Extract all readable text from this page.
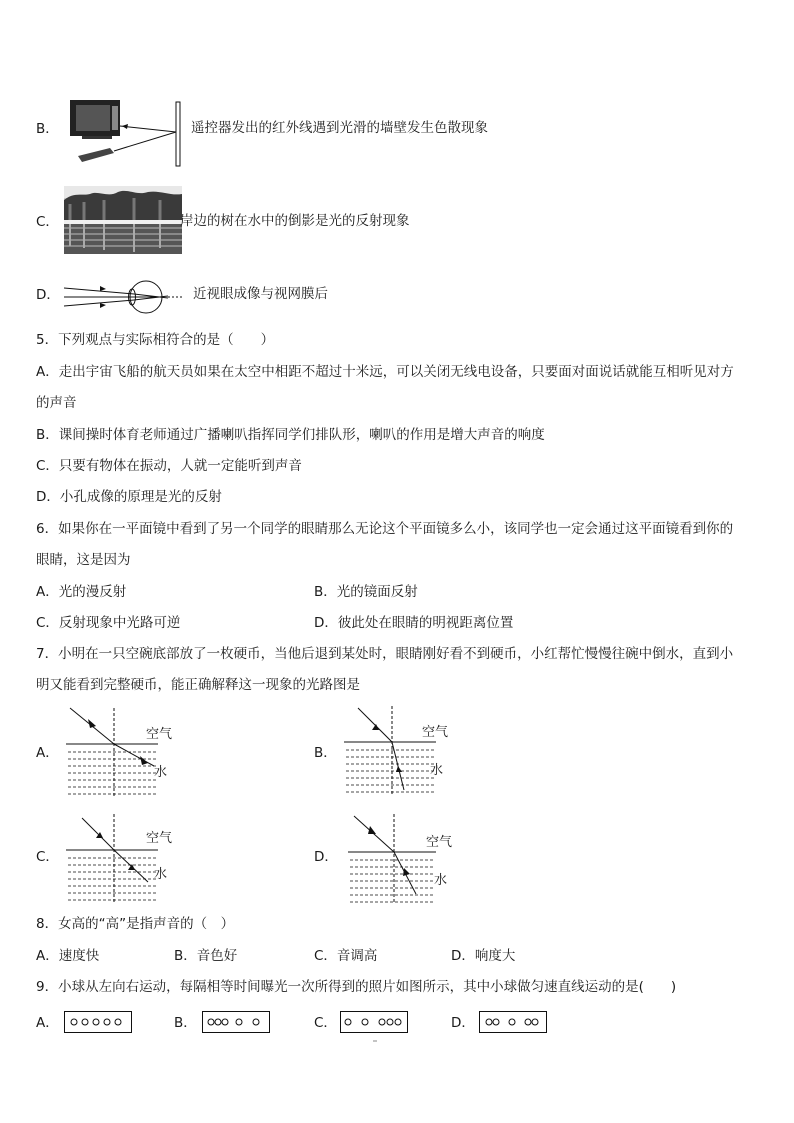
B．	遥控器发出的红外线遇到光滑的墙壁发生色散现象
C．	岸边的树在水中的倒影是光的反射现象
D．	近视眼成像与视网膜后
5．下列观点与实际相符合的是（　　）
A．走出宇宙飞船的航天员如果在太空中相距不超过十米远，可以关闭无线电设备，只要面对面说话就能互相听见对方
的声音
B．课间操时体育老师通过广播喇叭指挥同学们排队形，喇叭的作用是增大声音的响度
C．只要有物体在振动，人就一定能听到声音
D．小孔成像的原理是光的反射
6．如果你在一平面镜中看到了另一个同学的眼睛那么无论这个平面镜多么小，该同学也一定会通过这平面镜看到你的
眼睛，这是因为
A．光的漫反射	B．光的镜面反射
C．反射现象中光路可逆	D．彼此处在眼睛的明视距离位置
7．小明在一只空碗底部放了一枚硬币，当他后退到某处时，眼睛刚好看不到硬币，小红帮忙慢慢往碗中倒水，直到小
明又能看到完整硬币，能正确解释这一现象的光路图是
A．
空气
水
B．
空气
水
C．
空气
水
D．
空气
水
8．女高的“高”是指声音的（　）
A．速度快	B．音色好	C．音调高	D．响度大
9．小球从左向右运动，每隔相等时间曝光一次所得到的照片如图所示，其中小球做匀速直线运动的是(　　)
A．	B．	C．	D．
